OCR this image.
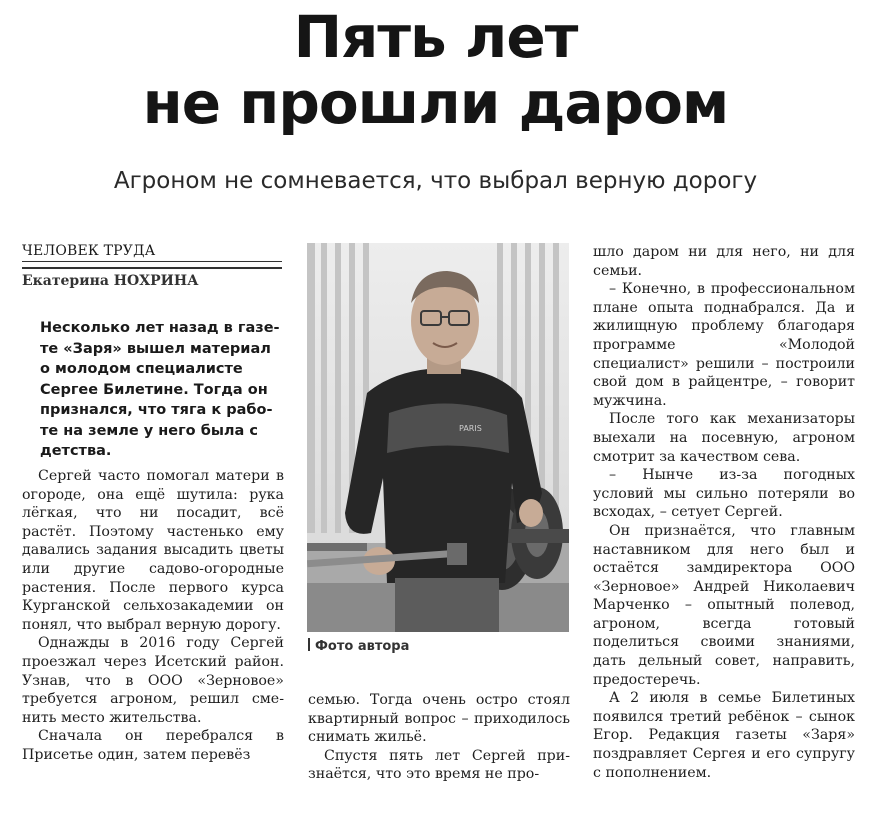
Пять лет
не прошли даром
Агроном не сомневается, что выбрал верную дорогу
ЧЕЛОВЕК ТРУДА
Екатерина НОХРИНА
Несколько лет назад в газе-
те «Заря» вышел материал
о молодом специалисте
Сергее Билетине. Тогда он
признался, что тяга к рабо-
те на земле у него была с
детства.

Сергей часто помогал матери в огороде, она ещё шутила: рука лёгкая, что ни посадит, всё растёт. Поэтому частенько ему давались задания высадить цветы или другие садово-огородные растения. После первого курса Курганской сельхозакадемии он понял, что выбрал верную дорогу.

Однажды в 2016 году Сергей проезжал через Исетский район. Узнав, что в ООО «Зерновое» требуется агроном, решил сменить место жительства.

Сначала он перебрался в Присетье один, затем перевёз

PARIS
Фото автора

семью. Тогда очень остро стоял квартирный вопрос – приходилось снимать жильё.

Спустя пять лет Сергей признаётся, что это время не про-

шло даром ни для него, ни для семьи.

– Конечно, в профессиональном плане опыта поднабрался. Да и жилищную проблему благодаря программе «Молодой специалист» решили – построили свой дом в райцентре, – говорит мужчина.

После того как механизаторы выехали на посевную, агроном смотрит за качеством сева.

– Нынче из-за погодных условий мы сильно потеряли во всходах, – сетует Сергей.

Он признаётся, что главным наставником для него был и остаётся замдиректора ООО «Зерновое» Андрей Николаевич Марченко – опытный полевод, агроном, всегда готовый поделиться своими знаниями, дать дельный совет, направить, предостеречь.

А 2 июля в семье Билетиных появился третий ребёнок – сынок Егор. Редакция газеты «Заря» поздравляет Сергея и его супругу с пополнением.
